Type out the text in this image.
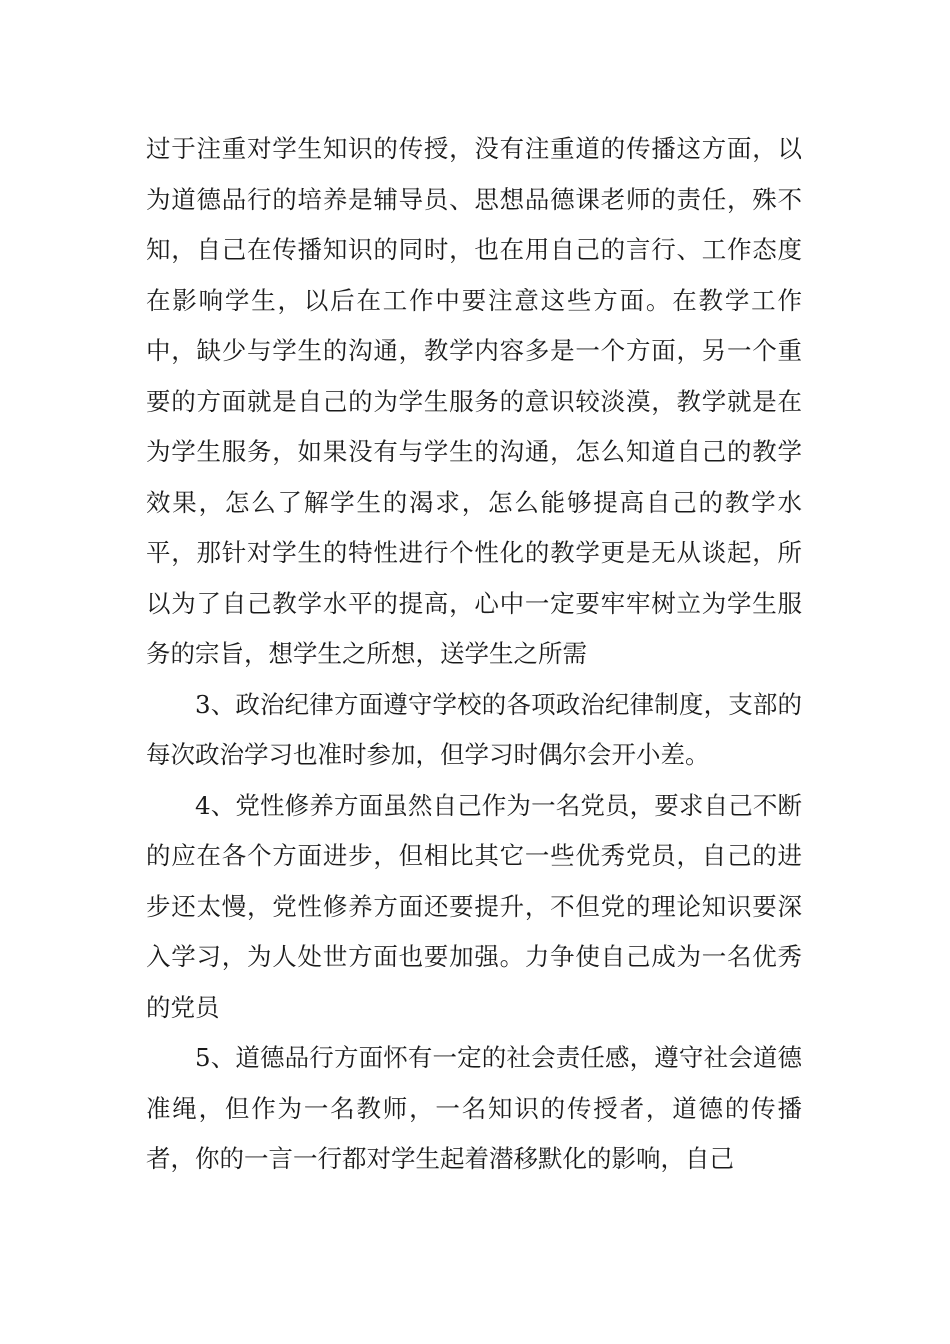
过于注重对学生知识的传授，没有注重道的传播这方面，以为道德品行的培养是辅导员、思想品德课老师的责任，殊不知，自己在传播知识的同时，也在用自己的言行、工作态度在影响学生，以后在工作中要注意这些方面。在教学工作中，缺少与学生的沟通，教学内容多是一个方面，另一个重要的方面就是自己的为学生服务的意识较淡漠，教学就是在为学生服务，如果没有与学生的沟通，怎么知道自己的教学效果，怎么了解学生的渴求，怎么能够提高自己的教学水平，那针对学生的特性进行个性化的教学更是无从谈起，所以为了自己教学水平的提高，心中一定要牢牢树立为学生服务的宗旨，想学生之所想，送学生之所需

3、政治纪律方面遵守学校的各项政治纪律制度，支部的每次政治学习也准时参加，但学习时偶尔会开小差。

4、党性修养方面虽然自己作为一名党员，要求自己不断的应在各个方面进步，但相比其它一些优秀党员，自己的进步还太慢，党性修养方面还要提升，不但党的理论知识要深入学习，为人处世方面也要加强。力争使自己成为一名优秀的党员

5、道德品行方面怀有一定的社会责任感，遵守社会道德准绳，但作为一名教师，一名知识的传授者，道德的传播者，你的一言一行都对学生起着潜移默化的影响，自己
